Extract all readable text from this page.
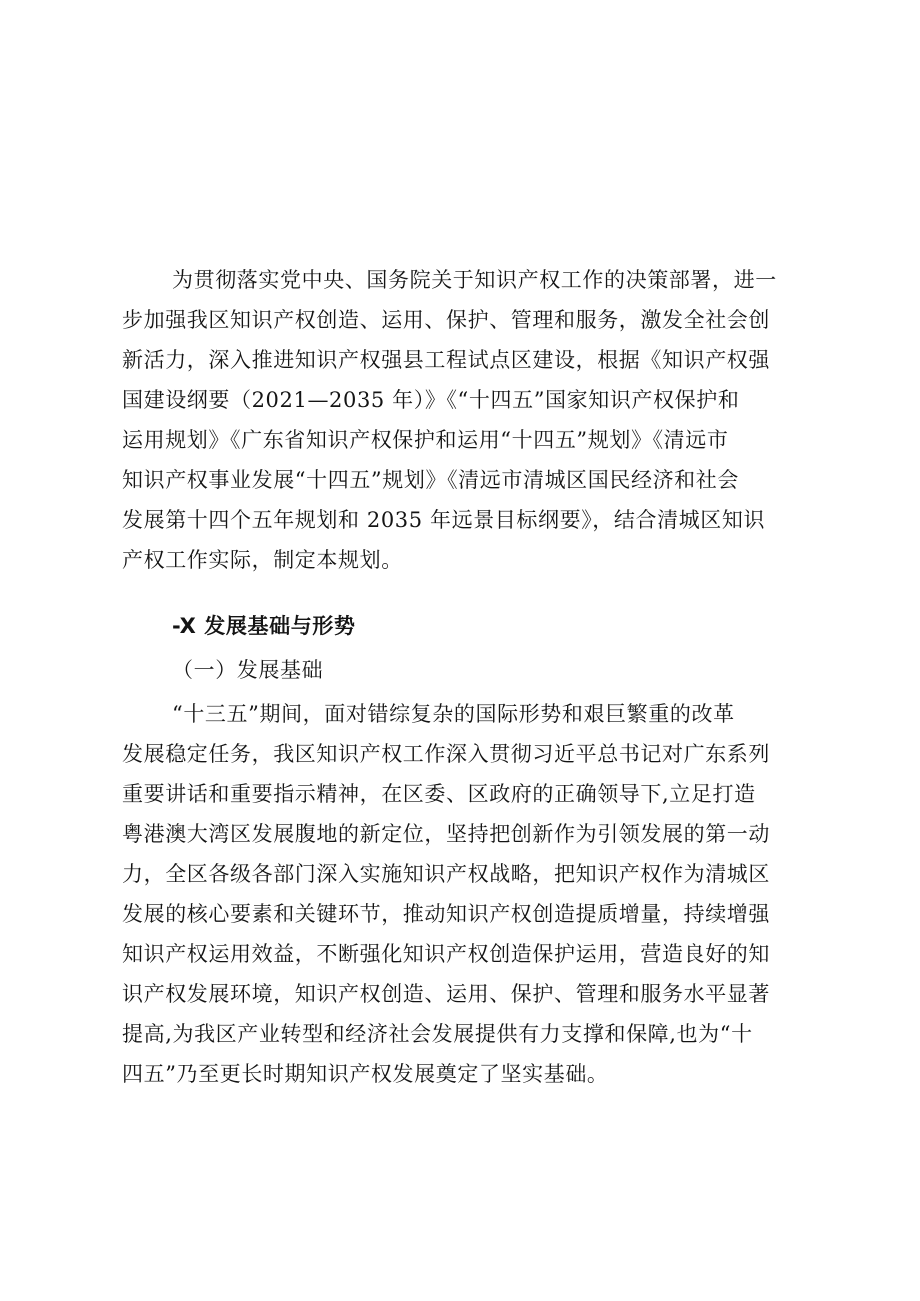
为贯彻落实党中央、国务院关于知识产权工作的决策部署，进一

步加强我区知识产权创造、运用、保护、管理和服务，激发全社会创

新活力，深入推进知识产权强县工程试点区建设，根据《知识产权强

国建设纲要（2021—2035 年）》《“十四五”国家知识产权保护和

运用规划》《广东省知识产权保护和运用“十四五”规划》《清远市

知识产权事业发展“十四五”规划》《清远市清城区国民经济和社会

发展第十四个五年规划和 2035 年远景目标纲要》，结合清城区知识

产权工作实际，制定本规划。

-X 发展基础与形势

（一）发展基础

“十三五”期间，面对错综复杂的国际形势和艰巨繁重的改革

发展稳定任务，我区知识产权工作深入贯彻习近平总书记对广东系列

重要讲话和重要指示精神，在区委、区政府的正确领导下,立足打造

粤港澳大湾区发展腹地的新定位，坚持把创新作为引领发展的第一动

力，全区各级各部门深入实施知识产权战略，把知识产权作为清城区

发展的核心要素和关键环节，推动知识产权创造提质增量，持续增强

知识产权运用效益，不断强化知识产权创造保护运用，营造良好的知

识产权发展环境，知识产权创造、运用、保护、管理和服务水平显著

提高,为我区产业转型和经济社会发展提供有力支撑和保障,也为“十

四五”乃至更长时期知识产权发展奠定了坚实基础。
